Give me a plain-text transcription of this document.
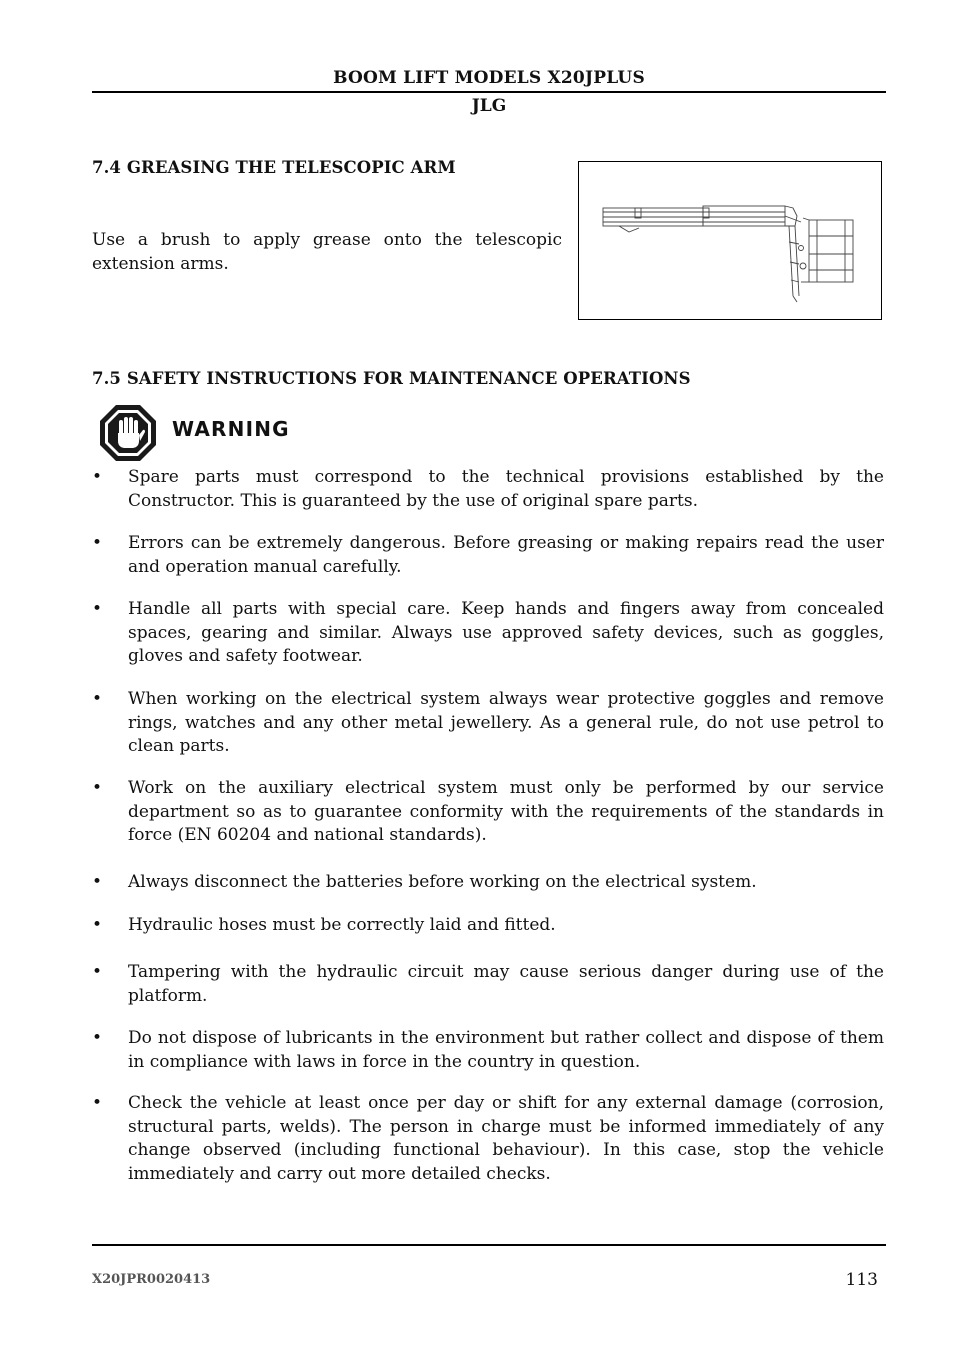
BOOM LIFT MODELS X20JPLUS
JLG
7.4 GREASING THE TELESCOPIC ARM
Use a brush to apply grease onto the telescopic extension arms.
7.5 SAFETY INSTRUCTIONS FOR MAINTENANCE OPERATIONS
WARNING
•	Spare parts must correspond to the technical provisions established by the Constructor. This is guaranteed by the use of original spare parts.
•	Errors can be extremely dangerous. Before greasing or making repairs read the user and operation manual carefully.
•	Handle all parts with special care. Keep hands and fingers away from concealed spaces, gearing and similar. Always use approved safety devices, such as goggles, gloves and safety footwear.
•	When working on the electrical system always wear protective goggles and remove rings, watches and any other metal jewellery. As a general rule, do not use petrol to clean parts.
•	Work on the auxiliary electrical system must only be performed by our service department so as to guarantee conformity with the requirements of the standards in force (EN 60204 and national standards).
•	Always disconnect the batteries before working on the electrical system.
•	Hydraulic hoses must be correctly laid and fitted.
•	Tampering with the hydraulic circuit may cause serious danger during use of the platform.
•	Do not dispose of lubricants in the environment but rather collect and dispose of them in compliance with laws in force in the country in question.
•	Check the vehicle at least once per day or shift for any external damage (corrosion, structural parts, welds). The person in charge must be informed immediately of any change observed (including functional behaviour). In this case, stop the vehicle immediately and carry out more detailed checks.
X20JPR0020413	113
